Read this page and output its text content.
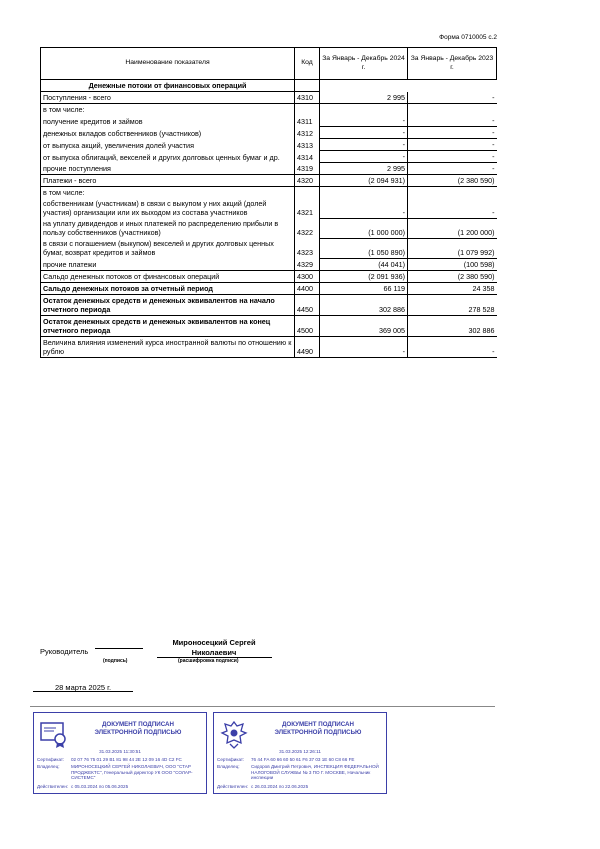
Форма 0710005 с.2
Наименование показателя	Код	За Январь - Декабрь 2024 г.	За Январь - Декабрь 2023 г.
Денежные потоки от финансовых операций			
Поступления - всего	4310	2 995	-
в том числе:			
получение кредитов и займов	4311	-	-
денежных вкладов собственников (участников)	4312	-	-
от выпуска акций, увеличения долей участия	4313	-	-
от выпуска облигаций, векселей и других долговых ценных бумаг и др.	4314	-	-
прочие поступления	4319	2 995	-
Платежи - всего	4320	(2 094 931)	(2 380 590)
в том числе:			
собственникам (участникам) в связи с выкупом у них акций (долей участия) организации или их выходом из состава участников	4321	-	-
на уплату дивидендов и иных платежей по распределению прибыли в пользу собственников (участников)	4322	(1 000 000)	(1 200 000)
в связи с погашением (выкупом) векселей и других долговых ценных бумаг, возврат кредитов и займов	4323	(1 050 890)	(1 079 992)
прочие платежи	4329	(44 041)	(100 598)
Сальдо денежных потоков от финансовых операций	4300	(2 091 936)	(2 380 590)
Сальдо денежных потоков за отчетный период	4400	66 119	24 358
Остаток денежных средств и денежных эквивалентов на начало отчетного периода	4450	302 886	278 528
Остаток денежных средств и денежных эквивалентов на конец отчетного периода	4500	369 005	302 886
Величина влияния изменений курса иностранной валюты по отношению к рублю	4490	-	-
Руководитель
(подпись)
Мироносецкий Сергей
Николаевич
(расшифровка подписи)
28 марта 2025 г.
ДОКУМЕНТ ПОДПИСАН
ЭЛЕКТРОННОЙ ПОДПИСЬЮ
31.03.2025 11:30:51
Сертификат:	02 07 76 75 01 29 B1 81 98 44 2E 12 09 16 4D C2 FC
Владелец:	МИРОНОСЕЦКИЙ СЕРГЕЙ НИКОЛАЕВИЧ, ООО "СТАР ПРОДЖЕКТС", Генеральный директор УК ООО "СОЛАР-СИСТЕМС"
Действителен: с 05.03.2024 по 05.06.2025
ДОКУМЕНТ ПОДПИСАН
ЭЛЕКТРОННОЙ ПОДПИСЬЮ
31.03.2025 12:26:11
Сертификат:	76 44 FA 60 66 60 50 61 F6 37 03 1E 60 C8 66 FE
Владелец:	Сидоров Дмитрий Петрович, ИНСПЕКЦИЯ ФЕДЕРАЛЬНОЙ НАЛОГОВОЙ СЛУЖБЫ № 3 ПО Г. МОСКВЕ, Начальник инспекции
Действителен: с 26.03.2024 по 22.06.2025
